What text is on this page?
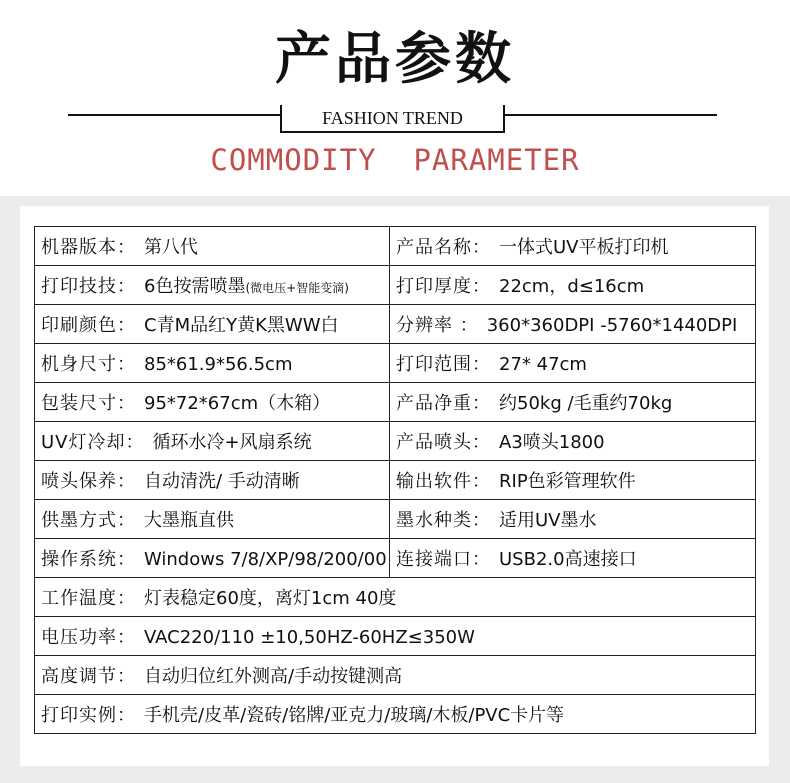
产品参数
FASHION TREND
COMMODITY  PARAMETER
机器版本： 第八代	产品名称： 一体式UV平板打印机
打印技技： 6色按需喷墨(微电压+智能变滴)	打印厚度： 22cm，d≤16cm
印刷颜色： C青M品红Y黄K黑WW白	分辨率 ： 360*360DPI -5760*1440DPI
机身尺寸： 85*61.9*56.5cm	打印范围： 27* 47cm
包装尺寸： 95*72*67cm（木箱）	产品净重： 约50kg /毛重约70kg
UV灯冷却： 循环水冷+风扇系统	产品喷头： A3喷头1800
喷头保养： 自动清洗/ 手动清晰	输出软件： RIP色彩管理软件
供墨方式： 大墨瓶直供	墨水种类： 适用UV墨水
操作系统： Windows 7/8/XP/98/200/00	连接端口： USB2.0高速接口
工作温度： 灯表稳定60度，离灯1cm 40度	
电压功率： VAC220/110 ±10,50HZ-60HZ≤350W	
高度调节： 自动归位红外测高/手动按键测高	
打印实例： 手机壳/皮革/瓷砖/铭牌/亚克力/玻璃/木板/PVC卡片等	
